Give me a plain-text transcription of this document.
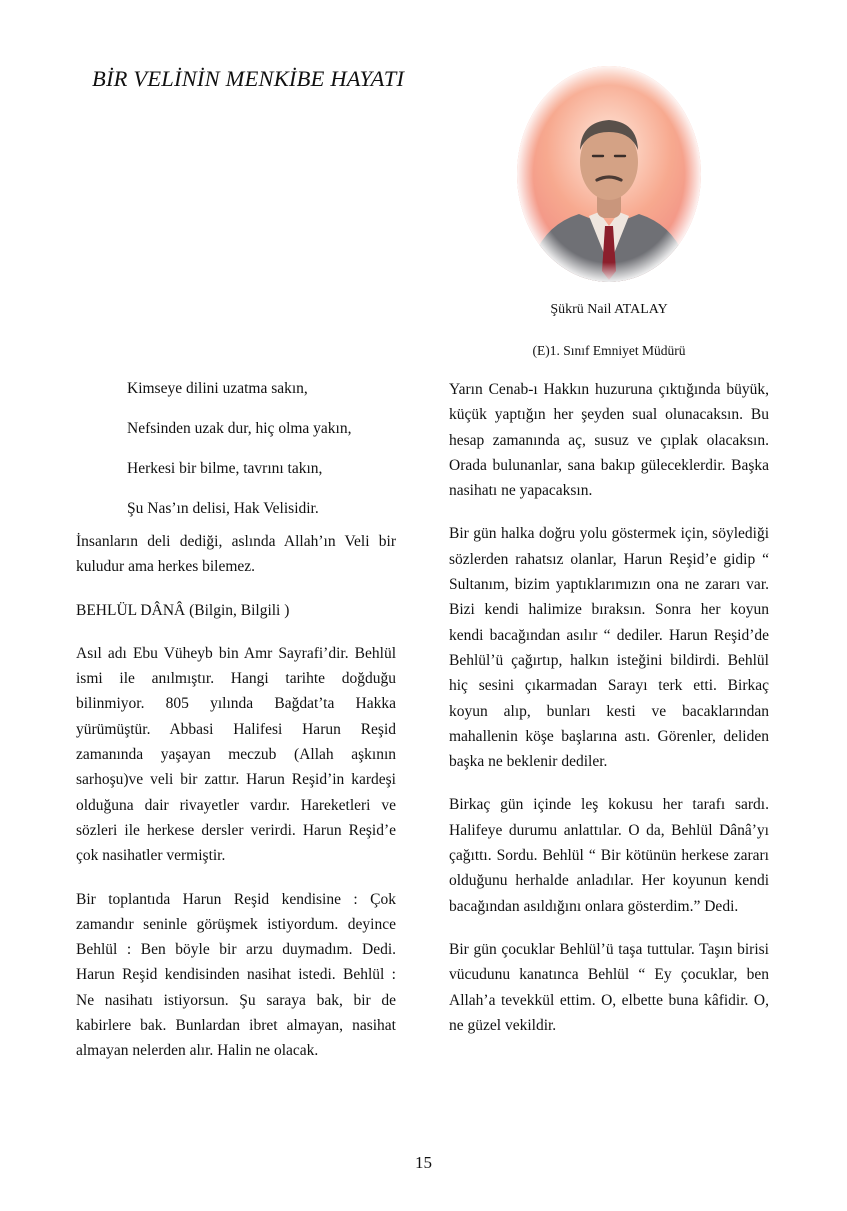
BİR VELİNİN MENKİBE HAYATI
Şükrü Nail ATALAY
(E)1. Sınıf Emniyet Müdürü
Kimseye dilini uzatma sakın,
Nefsinden uzak dur, hiç olma yakın,
Herkesi bir bilme, tavrını takın,
Şu Nas’ın delisi, Hak Velisidir.

İnsanların deli dediği, aslında Allah’ın Veli bir kuludur ama herkes bilemez.

BEHLÜL DÂNÂ (Bilgin, Bilgili )

Asıl adı Ebu Vüheyb bin Amr Sayrafi’dir. Behlül ismi ile anılmıştır. Hangi tarihte doğduğu bilinmiyor. 805 yılında Bağdat’ta Hakka yürümüştür. Abbasi Halifesi Harun Reşid zamanında yaşayan meczub (Allah aşkının sarhoşu)ve veli bir zattır. Harun Reşid’in kardeşi olduğuna dair rivayetler vardır. Hareketleri ve sözleri ile herkese dersler verirdi. Harun Reşid’e çok nasihatler vermiştir.

Bir toplantıda Harun Reşid kendisine : Çok zamandır seninle görüşmek istiyordum. deyince Behlül : Ben böyle bir arzu duymadım. Dedi. Harun Reşid kendisinden nasihat istedi. Behlül : Ne nasihatı istiyorsun. Şu saraya bak, bir de kabirlere bak. Bunlardan ibret almayan, nasihat almayan nelerden alır. Halin ne olacak.

Yarın Cenab-ı Hakkın huzuruna çıktığında büyük, küçük yaptığın her şeyden sual olunacaksın. Bu hesap zamanında aç, susuz ve çıplak olacaksın. Orada bulunanlar, sana bakıp güleceklerdir. Başka nasihatı ne yapacaksın.

Bir gün halka doğru yolu göstermek için, söylediği sözlerden rahatsız olanlar, Harun Reşid’e gidip “ Sultanım, bizim yaptıklarımızın ona ne zararı var. Bizi kendi halimize bıraksın. Sonra her koyun kendi bacağından asılır “ dediler. Harun Reşid’de Behlül’ü çağırtıp, halkın isteğini bildirdi. Behlül hiç sesini çıkarmadan Sarayı terk etti. Birkaç koyun alıp, bunları kesti ve bacaklarından mahallenin köşe başlarına astı. Görenler, deliden başka ne beklenir dediler.

Birkaç gün içinde leş kokusu her tarafı sardı. Halifeye durumu anlattılar. O da, Behlül Dânâ’yı çağıttı. Sordu. Behlül “ Bir kötünün herkese zararı olduğunu herhalde anladılar. Her koyunun kendi bacağından asıldığını onlara gösterdim.” Dedi.

Bir gün çocuklar Behlül’ü taşa tuttular. Taşın birisi vücudunu kanatınca Behlül “ Ey çocuklar, ben Allah’a tevekkül ettim. O, elbette buna kâfidir. O, ne güzel vekildir.

15
